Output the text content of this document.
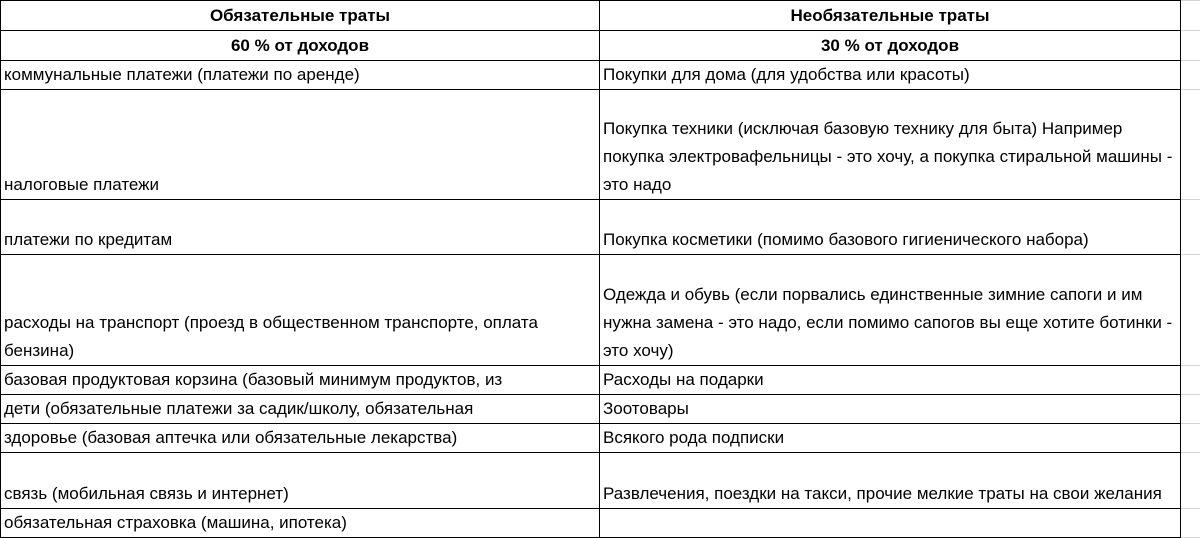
Обязательные траты	Необязательные траты	

60 % от доходов	30 % от доходов	

коммунальные платежи (платежи по аренде)	Покупки для дома (для удобства или красоты)	

налоговые платежи	Покупка техники (исключая базовую технику для быта) Например покупка электровафельницы - это хочу, а покупка стиральной машины - это надо	

платежи по кредитам	Покупка косметики (помимо базового гигиенического набора)	

расходы на транспорт (проезд в общественном транспорте, оплата бензина)	Одежда и обувь (если порвались единственные зимние сапоги и им нужна замена - это надо, если помимо сапогов вы еще хотите ботинки - это хочу)	

базовая продуктовая корзина (базовый минимум продуктов, из	Расходы на подарки	

дети (обязательные платежи за садик/школу, обязательная	Зоотовары	

здоровье (базовая аптечка или обязательные лекарства)	Всякого рода подписки	

связь (мобильная связь и интернет)	Развлечения, поездки на такси, прочие мелкие траты на свои желания	

обязательная страховка (машина, ипотека)		
